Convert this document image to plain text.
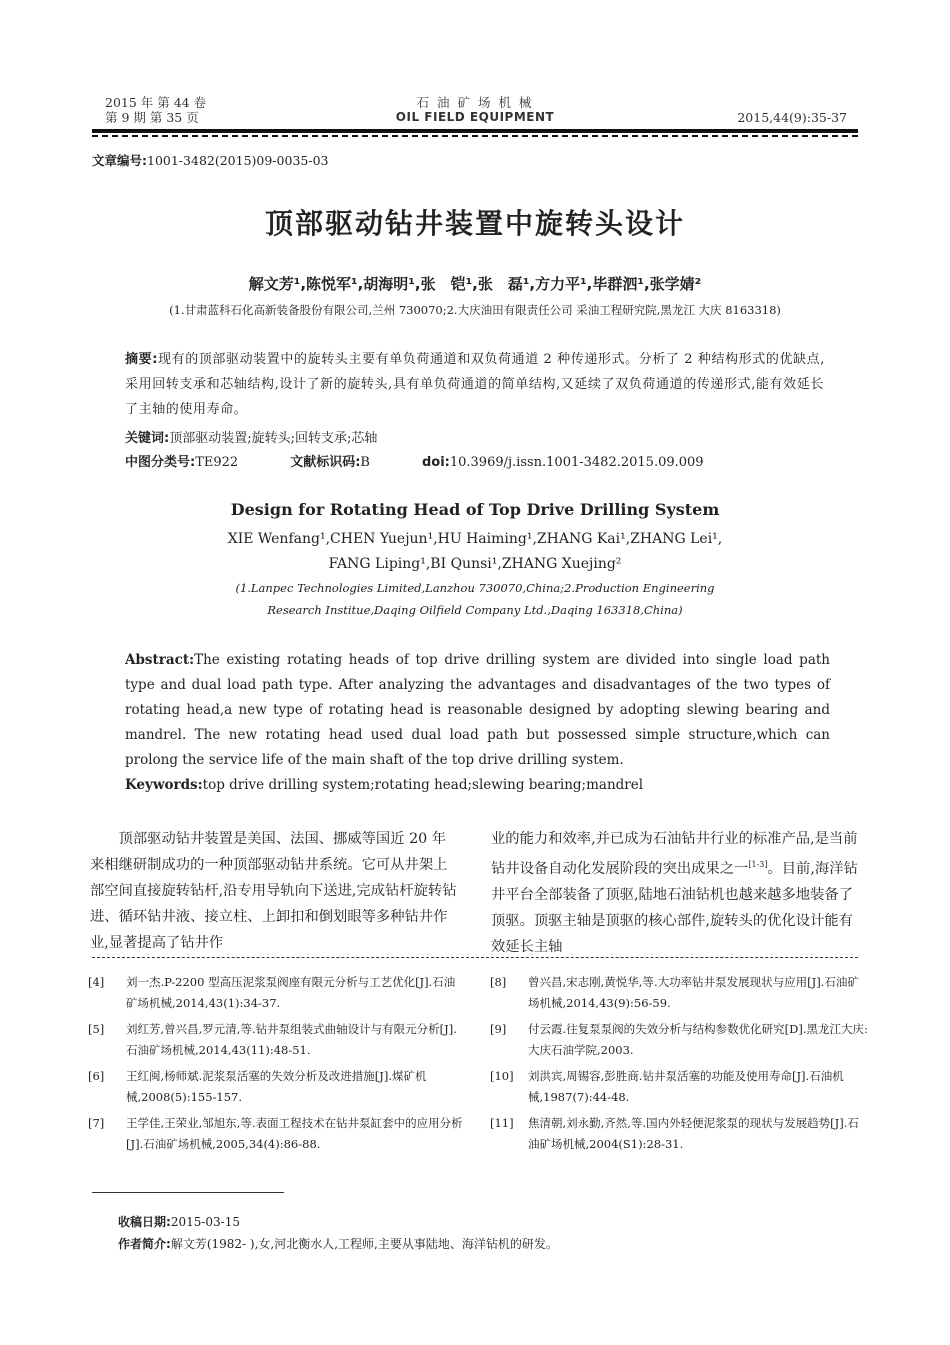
2015 年 第 44 卷
第 9 期 第 35 页
石 油 矿 场 机 械
OIL FIELD EQUIPMENT	2015,44(9):35-37
文章编号:1001-3482(2015)09-0035-03
顶部驱动钻井装置中旋转头设计
解文芳¹,陈悦军¹,胡海明¹,张　铠¹,张　磊¹,方力平¹,毕群泗¹,张学婧²
(1.甘肃蓝科石化高新装备股份有限公司,兰州 730070;2.大庆油田有限责任公司 采油工程研究院,黑龙江 大庆 8163318)
摘要:现有的顶部驱动装置中的旋转头主要有单负荷通道和双负荷通道 2 种传递形式。分析了 2 种结构形式的优缺点,采用回转支承和芯轴结构,设计了新的旋转头,具有单负荷通道的简单结构,又延续了双负荷通道的传递形式,能有效延长了主轴的使用寿命。
关键词:顶部驱动装置;旋转头;回转支承;芯轴
中图分类号:TE922	文献标识码:B	doi:10.3969/j.issn.1001-3482.2015.09.009
Design for Rotating Head of Top Drive Drilling System
XIE Wenfang¹,CHEN Yuejun¹,HU Haiming¹,ZHANG Kai¹,ZHANG Lei¹,
FANG Liping¹,BI Qunsi¹,ZHANG Xuejing²
(1.Lanpec Technologies Limited,Lanzhou 730070,China;2.Production Engineering
Research Institue,Daqing Oilfield Company Ltd.,Daqing 163318,China)
Abstract:The existing rotating heads of top drive drilling system are divided into single load path type and dual load path type. After analyzing the advantages and disadvantages of the two types of rotating head,a new type of rotating head is reasonable designed by adopting slewing bearing and mandrel. The new rotating head used dual load path but possessed simple structure,which can prolong the service life of the main shaft of the top drive drilling system.
Keywords:top drive drilling system;rotating head;slewing bearing;mandrel
顶部驱动钻井装置是美国、法国、挪威等国近 20 年来相继研制成功的一种顶部驱动钻井系统。它可从井架上部空间直接旋转钻杆,沿专用导轨向下送进,完成钻杆旋转钻进、循环钻井液、接立柱、上卸扣和倒划眼等多种钻井作业,显著提高了钻井作
业的能力和效率,并已成为石油钻井行业的标准产品,是当前钻井设备自动化发展阶段的突出成果之一[1-3]。目前,海洋钻井平台全部装备了顶驱,陆地石油钻机也越来越多地装备了顶驱。顶驱主轴是顶驱的核心部件,旋转头的优化设计能有效延长主轴
[4]	刘一杰.P-2200 型高压泥浆泵阀座有限元分析与工艺优化[J].石油矿场机械,2014,43(1):34-37.
[5]	刘红芳,曾兴昌,罗元清,等.钻井泵组装式曲轴设计与有限元分析[J].石油矿场机械,2014,43(11):48-51.
[6]	王红闽,杨师斌.泥浆泵活塞的失效分析及改进措施[J].煤矿机械,2008(5):155-157.
[7]	王学佳,王荣业,邹旭东,等.表面工程技术在钻井泵缸套中的应用分析[J].石油矿场机械,2005,34(4):86-88.
[8]	曾兴昌,宋志刚,黄悦华,等.大功率钻井泵发展现状与应用[J].石油矿场机械,2014,43(9):56-59.
[9]	付云霞.往复泵泵阀的失效分析与结构参数优化研究[D].黑龙江大庆:大庆石油学院,2003.
[10]	刘洪宾,周锡容,彭胜商.钻井泵活塞的功能及使用寿命[J].石油机械,1987(7):44-48.
[11]	焦清朝,刘永勤,齐然,等.国内外轻便泥浆泵的现状与发展趋势[J].石油矿场机械,2004(S1):28-31.
收稿日期:2015-03-15
作者简介:解文芳(1982- ),女,河北衡水人,工程师,主要从事陆地、海洋钻机的研发。
